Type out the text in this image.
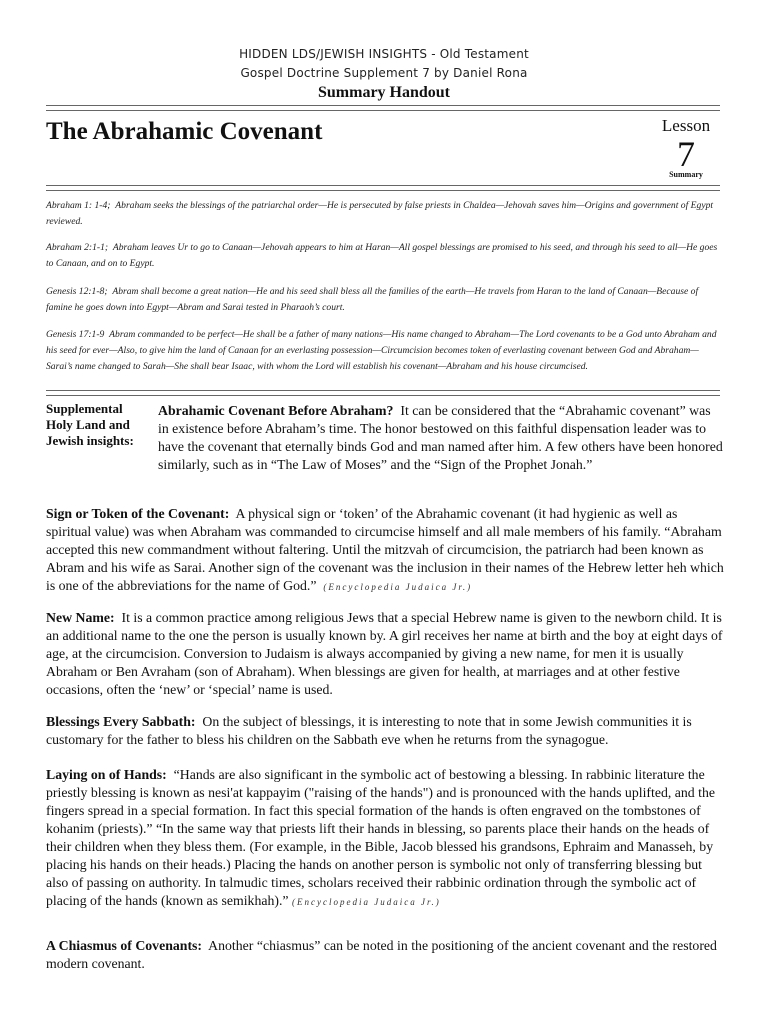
HIDDEN LDS/JEWISH INSIGHTS - Old Testament
Gospel Doctrine Supplement 7 by Daniel Rona
Summary Handout
The Abrahamic Covenant	Lesson
7
Summary
Abraham 1: 1-4; Abraham seeks the blessings of the patriarchal order—He is persecuted by false priests in Chaldea—Jehovah saves him—Origins and government of Egypt reviewed.
Abraham 2:1-1; Abraham leaves Ur to go to Canaan—Jehovah appears to him at Haran—All gospel blessings are promised to his seed, and through his seed to all—He goes to Canaan, and on to Egypt.
Genesis 12:1-8; Abram shall become a great nation—He and his seed shall bless all the families of the earth—He travels from Haran to the land of Canaan—Because of famine he goes down into Egypt—Abram and Sarai tested in Pharaoh’s court.
Genesis 17:1-9 Abram commanded to be perfect—He shall be a father of many nations—His name changed to Abraham—The Lord covenants to be a God unto Abraham and his seed for ever—Also, to give him the land of Canaan for an everlasting possession—Circumcision becomes token of everlasting covenant between God and Abraham—Sarai’s name changed to Sarah—She shall bear Isaac, with whom the Lord will establish his covenant—Abraham and his house circumcised.
Supplemental Holy Land and Jewish insights:
Abrahamic Covenant Before Abraham? It can be considered that the “Abrahamic covenant” was in existence before Abraham’s time. The honor bestowed on this faithful dispensation leader was to have the covenant that eternally binds God and man named after him. A few others have been honored similarly, such as in “The Law of Moses” and the “Sign of the Prophet Jonah.”
Sign or Token of the Covenant: A physical sign or ‘token’ of the Abrahamic covenant (it had hygienic as well as spiritual value) was when Abraham was commanded to circumcise himself and all male members of his family. “Abraham accepted this new commandment without faltering. Until the mitzvah of circumcision, the patriarch had been known as Abram and his wife as Sarai. Another sign of the covenant was the inclusion in their names of the Hebrew letter heh which is one of the abbreviations for the name of God.” (Encyclopedia Judaica Jr.)
New Name: It is a common practice among religious Jews that a special Hebrew name is given to the newborn child. It is an additional name to the one the person is usually known by. A girl receives her name at birth and the boy at eight days of age, at the circumcision. Conversion to Judaism is always accompanied by giving a new name, for men it is usually Abraham or Ben Avraham (son of Abraham). When blessings are given for health, at marriages and at other festive occasions, often the ‘new’ or ‘special’ name is used.
Blessings Every Sabbath: On the subject of blessings, it is interesting to note that in some Jewish communities it is customary for the father to bless his children on the Sabbath eve when he returns from the synagogue.
Laying on of Hands: “Hands are also significant in the symbolic act of bestowing a blessing. In rabbinic literature the priestly blessing is known as nesi'at kappayim ("raising of the hands") and is pronounced with the hands uplifted, and the fingers spread in a special formation. In fact this special formation of the hands is often engraved on the tombstones of kohanim (priests).” “In the same way that priests lift their hands in blessing, so parents place their hands on the heads of their children when they bless them. (For example, in the Bible, Jacob blessed his grandsons, Ephraim and Manasseh, by placing his hands on their heads.) Placing the hands on another person is symbolic not only of transferring blessing but also of passing on authority. In talmudic times, scholars received their rabbinic ordination through the symbolic act of placing of the hands (known as semikhah).” (Encyclopedia Judaica Jr.)
A Chiasmus of Covenants: Another “chiasmus” can be noted in the positioning of the ancient covenant and the restored modern covenant.
